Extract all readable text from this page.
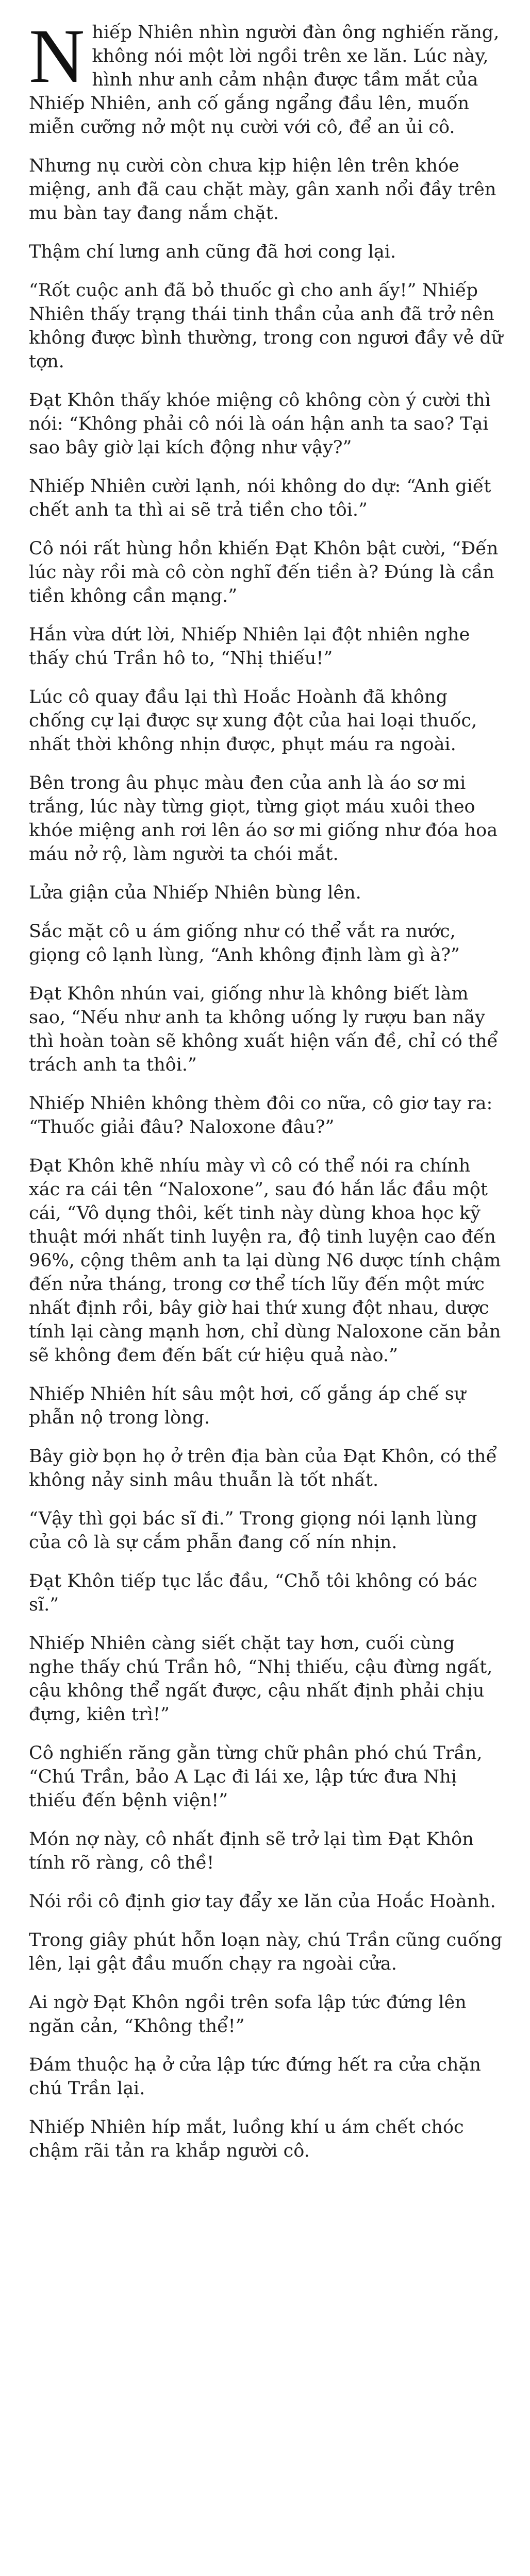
Nhiếp Nhiên nhìn người đàn ông nghiến răng, không nói một lời ngồi trên xe lăn. Lúc này, hình như anh cảm nhận được tầm mắt của Nhiếp Nhiên, anh cố gắng ngẩng đầu lên, muốn miễn cưỡng nở một nụ cười với cô, để an ủi cô.

Nhưng nụ cười còn chưa kịp hiện lên trên khóe miệng, anh đã cau chặt mày, gân xanh nổi đầy trên mu bàn tay đang nắm chặt.

Thậm chí lưng anh cũng đã hơi cong lại.

“Rốt cuộc anh đã bỏ thuốc gì cho anh ấy!” Nhiếp Nhiên thấy trạng thái tinh thần của anh đã trở nên không được bình thường, trong con ngươi đầy vẻ dữ tợn.

Đạt Khôn thấy khóe miệng cô không còn ý cười thì nói: “Không phải cô nói là oán hận anh ta sao? Tại sao bây giờ lại kích động như vậy?”

Nhiếp Nhiên cười lạnh, nói không do dự: “Anh giết chết anh ta thì ai sẽ trả tiền cho tôi.”

Cô nói rất hùng hồn khiến Đạt Khôn bật cười, “Đến lúc này rồi mà cô còn nghĩ đến tiền à? Đúng là cần tiền không cần mạng.”

Hắn vừa dứt lời, Nhiếp Nhiên lại đột nhiên nghe thấy chú Trần hô to, “Nhị thiếu!”

Lúc cô quay đầu lại thì Hoắc Hoành đã không chống cự lại được sự xung đột của hai loại thuốc, nhất thời không nhịn được, phụt máu ra ngoài.

Bên trong âu phục màu đen của anh là áo sơ mi trắng, lúc này từng giọt, từng giọt máu xuôi theo khóe miệng anh rơi lên áo sơ mi giống như đóa hoa máu nở rộ, làm người ta chói mắt.

Lửa giận của Nhiếp Nhiên bùng lên.

Sắc mặt cô u ám giống như có thể vắt ra nước, giọng cô lạnh lùng, “Anh không định làm gì à?”

Đạt Khôn nhún vai, giống như là không biết làm sao, “Nếu như anh ta không uống ly rượu ban nãy thì hoàn toàn sẽ không xuất hiện vấn đề, chỉ có thể trách anh ta thôi.”

Nhiếp Nhiên không thèm đôi co nữa, cô giơ tay ra: “Thuốc giải đâu? Naloxone đâu?”

Đạt Khôn khẽ nhíu mày vì cô có thể nói ra chính xác ra cái tên “Naloxone”, sau đó hắn lắc đầu một cái, “Vô dụng thôi, kết tinh này dùng khoa học kỹ thuật mới nhất tinh luyện ra, độ tinh luyện cao đến 96%, cộng thêm anh ta lại dùng N6 dược tính chậm đến nửa tháng, trong cơ thể tích lũy đến một mức nhất định rồi, bây giờ hai thứ xung đột nhau, dược tính lại càng mạnh hơn, chỉ dùng Naloxone căn bản sẽ không đem đến bất cứ hiệu quả nào.”

Nhiếp Nhiên hít sâu một hơi, cố gắng áp chế sự phẫn nộ trong lòng.

Bây giờ bọn họ ở trên địa bàn của Đạt Khôn, có thể không nảy sinh mâu thuẫn là tốt nhất.

“Vậy thì gọi bác sĩ đi.” Trong giọng nói lạnh lùng của cô là sự cắm phẫn đang cố nín nhịn.

Đạt Khôn tiếp tục lắc đầu, “Chỗ tôi không có bác sĩ.”

Nhiếp Nhiên càng siết chặt tay hơn, cuối cùng nghe thấy chú Trần hô, “Nhị thiếu, cậu đừng ngất, cậu không thể ngất được, cậu nhất định phải chịu đựng, kiên trì!”

Cô nghiến răng gằn từng chữ phân phó chú Trần, “Chú Trần, bảo A Lạc đi lái xe, lập tức đưa Nhị thiếu đến bệnh viện!”

Món nợ này, cô nhất định sẽ trở lại tìm Đạt Khôn tính rõ ràng, cô thề!

Nói rồi cô định giơ tay đẩy xe lăn của Hoắc Hoành.

Trong giây phút hỗn loạn này, chú Trần cũng cuống lên, lại gật đầu muốn chạy ra ngoài cửa.

Ai ngờ Đạt Khôn ngồi trên sofa lập tức đứng lên ngăn cản, “Không thể!”

Đám thuộc hạ ở cửa lập tức đứng hết ra cửa chặn chú Trần lại.

Nhiếp Nhiên híp mắt, luồng khí u ám chết chóc chậm rãi tản ra khắp người cô.
